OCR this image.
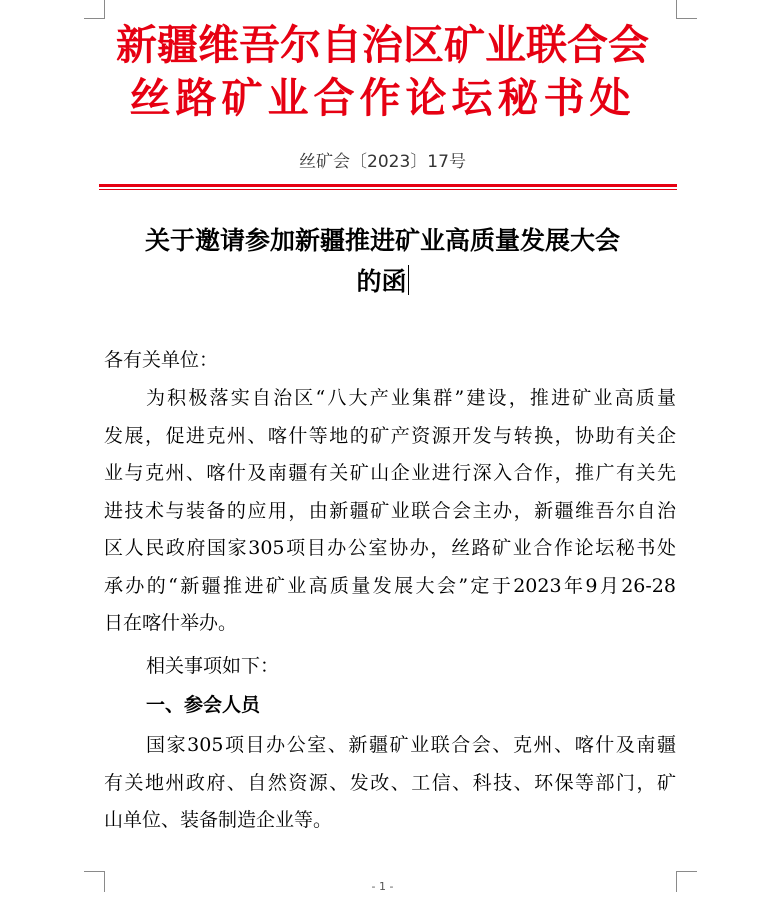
新疆维吾尔自治区矿业联合会
丝路矿业合作论坛秘书处
丝矿会〔2023〕17号
关于邀请参加新疆推进矿业高质量发展大会
的函
各有关单位：
为积极落实自治区“八大产业集群”建设，推进矿业高质量
发展，促进克州、喀什等地的矿产资源开发与转换，协助有关企
业与克州、喀什及南疆有关矿山企业进行深入合作，推广有关先
进技术与装备的应用，由新疆矿业联合会主办，新疆维吾尔自治
区人民政府国家305项目办公室协办，丝路矿业合作论坛秘书处
承办的“新疆推进矿业高质量发展大会”定于2023年9月26-28
日在喀什举办。
相关事项如下：
一、参会人员
国家305项目办公室、新疆矿业联合会、克州、喀什及南疆
有关地州政府、自然资源、发改、工信、科技、环保等部门，矿
山单位、装备制造企业等。
- 1 -
